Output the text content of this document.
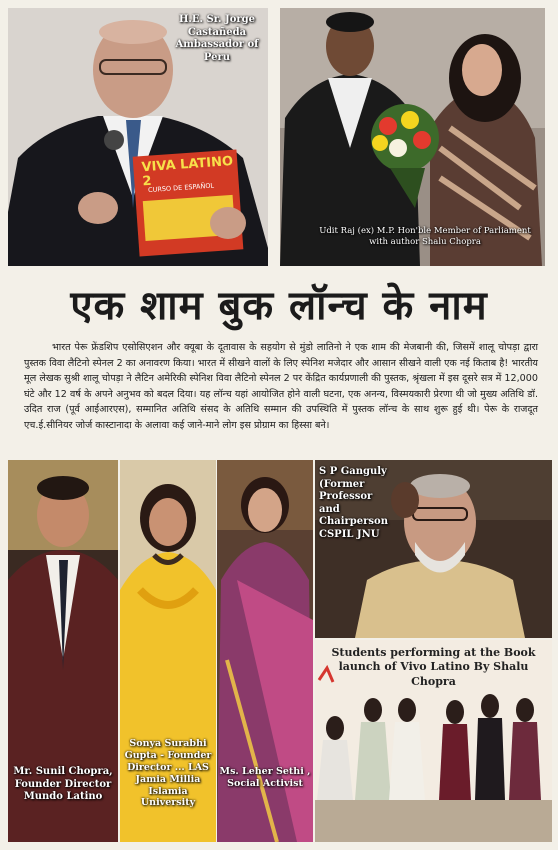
VIVA LATINO 2
CURSO DE ESPAÑOL
H.E. Sr. Jorge Castañeda Ambassador of Peru
Udit Raj (ex) M.P. Hon'ble Member of Parliament with author Shalu Chopra
एक शाम बुक लॉन्च के नाम
भारत पेरू फ्रेंडशिप एसोसिएशन और क्यूबा के दूतावास के सहयोग से मुंडो लातिनो ने एक शाम की मेजबानी की, जिसमें शालू चोपड़ा द्वारा पुस्तक विवा लैटिनो स्पेनल 2 का अनावरण किया। भारत में सीखने वालों के लिए स्पेनिश मजेदार और आसान सीखने वाली एक नई किताब है! भारतीय मूल लेखक सुश्री शालू चोपड़ा ने लैटिन अमेरिकी स्पेनिश विवा लैटिनो स्पेनल 2 पर केंद्रित कार्यप्रणाली की पुस्तक, श्रृंखला में इस दूसरे सत्र में 12,000 घंटे और 12 वर्ष के अपने अनुभव को बदल दिया। यह लॉन्च यहां आयोजित होने वाली घटना, एक अनन्य, विस्मयकारी प्रेरणा थी जो मुख्य अतिथि डॉ. उदित राज (पूर्व आईआरएस), सम्मानित अतिथि संसद के अतिथि सम्मान की उपस्थिति में पुस्तक लॉन्च के साथ शुरू हुई थी। पेरू के राजदूत एच.ई.सीनियर जोर्ज कास्टानादा के अलावा कई जाने-माने लोग इस प्रोग्राम का हिस्सा बने।
Mr. Sunil Chopra, Founder Director Mundo Latino
Sonya Surabhi Gupta - Founder Director ... LAS Jamia Millia Islamia University
Ms. Leher Sethi , Social Activist
S P Ganguly (Former Professor and Chairperson CSPIL JNU
Students performing at the Book launch of Vivo Latino By Shalu Chopra
